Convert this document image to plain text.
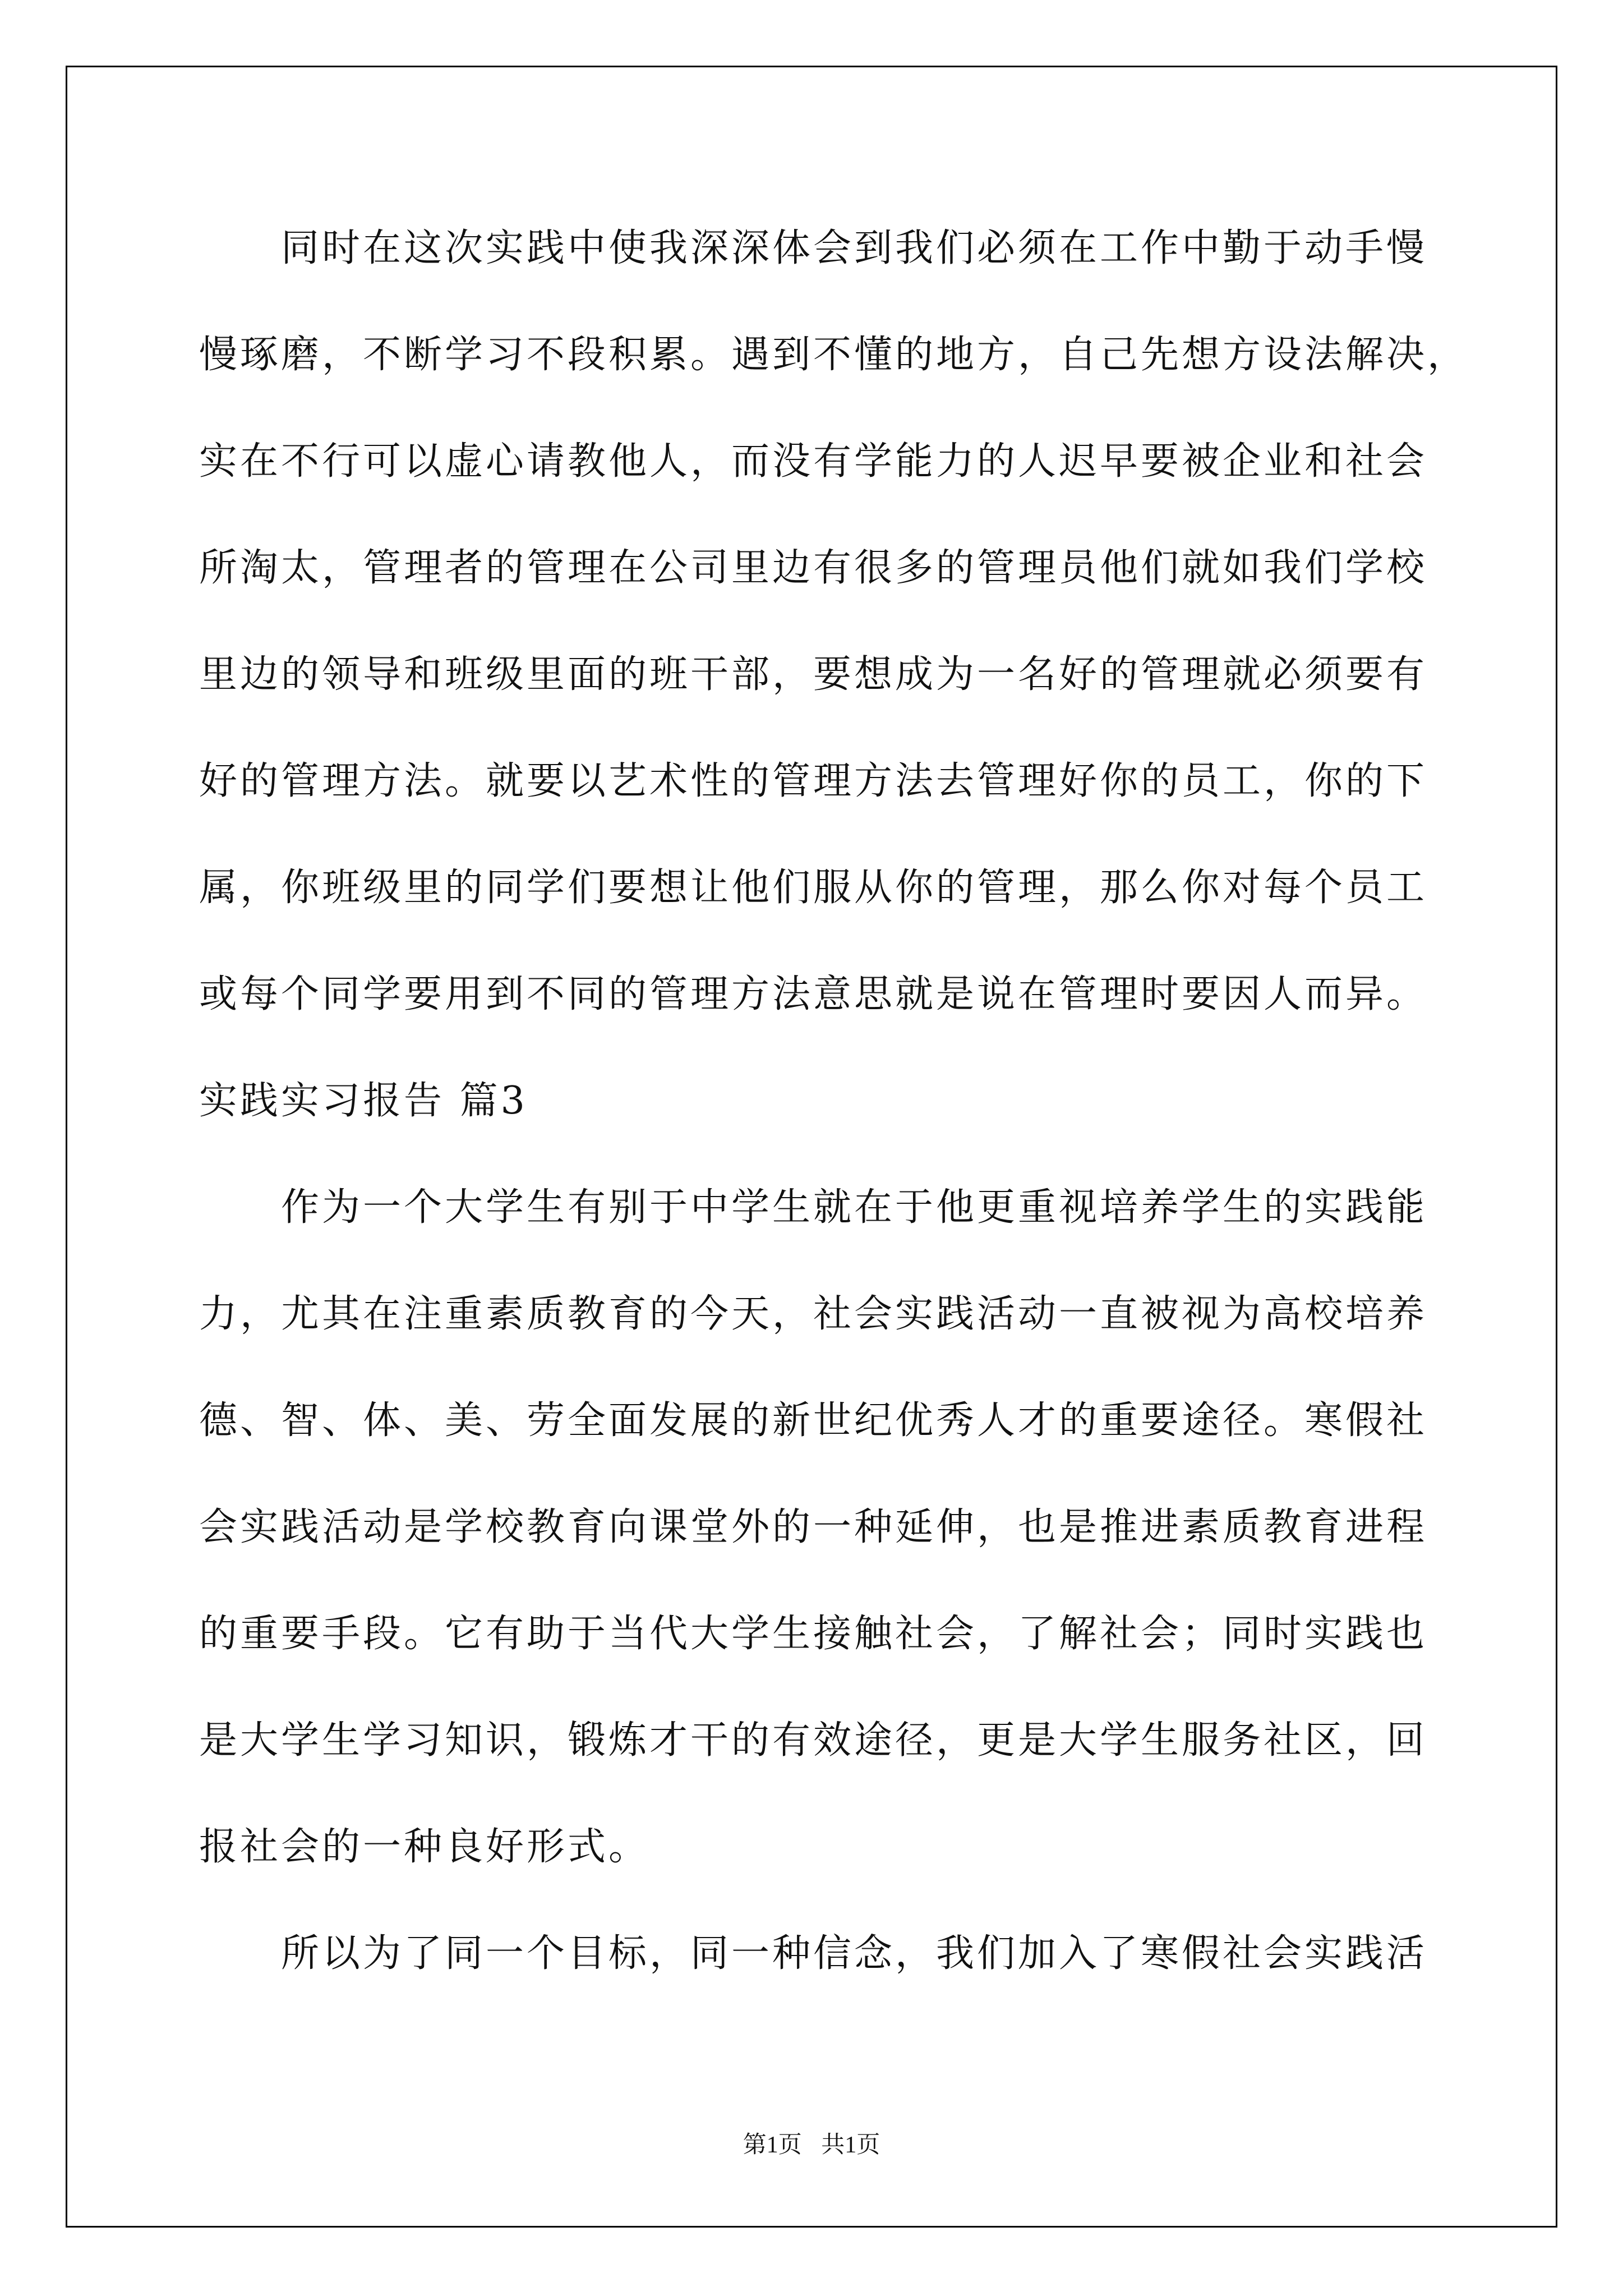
同时在这次实践中使我深深体会到我们必须在工作中勤于动手慢
慢琢磨，不断学习不段积累。遇到不懂的地方，自己先想方设法解决，
实在不行可以虚心请教他人，而没有学能力的人迟早要被企业和社会
所淘太，管理者的管理在公司里边有很多的管理员他们就如我们学校
里边的领导和班级里面的班干部，要想成为一名好的管理就必须要有
好的管理方法。就要以艺术性的管理方法去管理好你的员工，你的下
属，你班级里的同学们要想让他们服从你的管理，那么你对每个员工
或每个同学要用到不同的管理方法意思就是说在管理时要因人而异。
实践实习报告 篇3
作为一个大学生有别于中学生就在于他更重视培养学生的实践能
力，尤其在注重素质教育的今天，社会实践活动一直被视为高校培养
德、智、体、美、劳全面发展的新世纪优秀人才的重要途径。寒假社
会实践活动是学校教育向课堂外的一种延伸，也是推进素质教育进程
的重要手段。它有助于当代大学生接触社会，了解社会；同时实践也
是大学生学习知识，锻炼才干的有效途径，更是大学生服务社区，回
报社会的一种良好形式。
所以为了同一个目标，同一种信念，我们加入了寒假社会实践活
第1页 共1页
